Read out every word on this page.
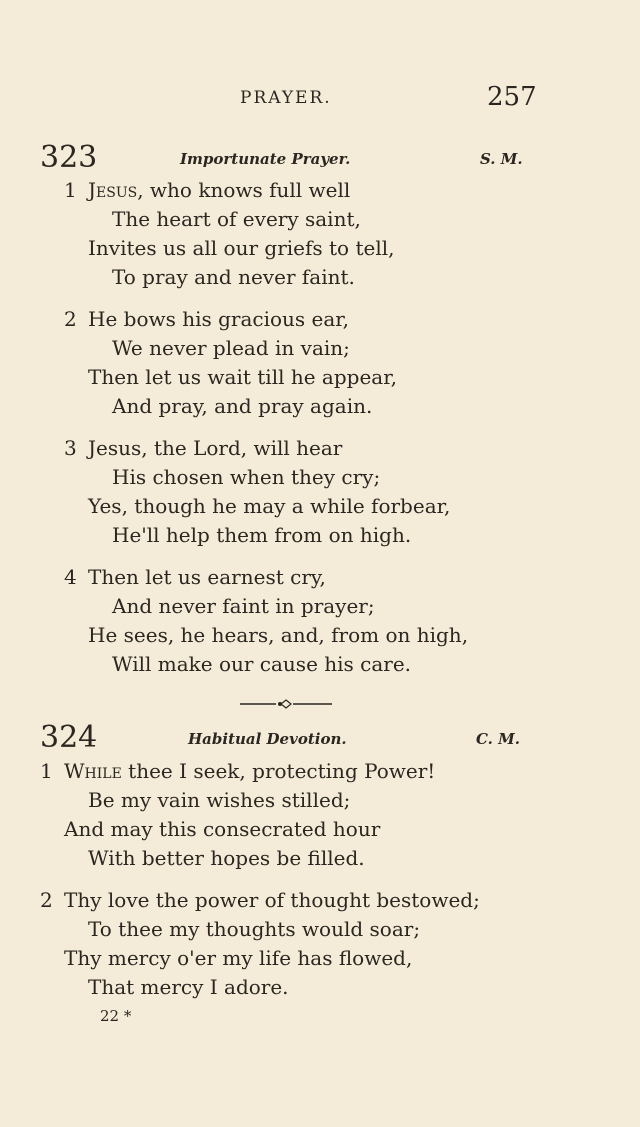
PRAYER.	257
323	Importunate Prayer.	S. M.
1 Jesus, who knows full well
The heart of every saint,
Invites us all our griefs to tell,
To pray and never faint.
2 He bows his gracious ear,
We never plead in vain;
Then let us wait till he appear,
And pray, and pray again.
3 Jesus, the Lord, will hear
His chosen when they cry;
Yes, though he may a while forbear,
He'll help them from on high.
4 Then let us earnest cry,
And never faint in prayer;
He sees, he hears, and, from on high,
Will make our cause his care.
324	Habitual Devotion.	C. M.
1 While thee I seek, protecting Power!
Be my vain wishes stilled;
And may this consecrated hour
With better hopes be filled.
2 Thy love the power of thought bestowed;
To thee my thoughts would soar;
Thy mercy o'er my life has flowed,
That mercy I adore.
22 *
